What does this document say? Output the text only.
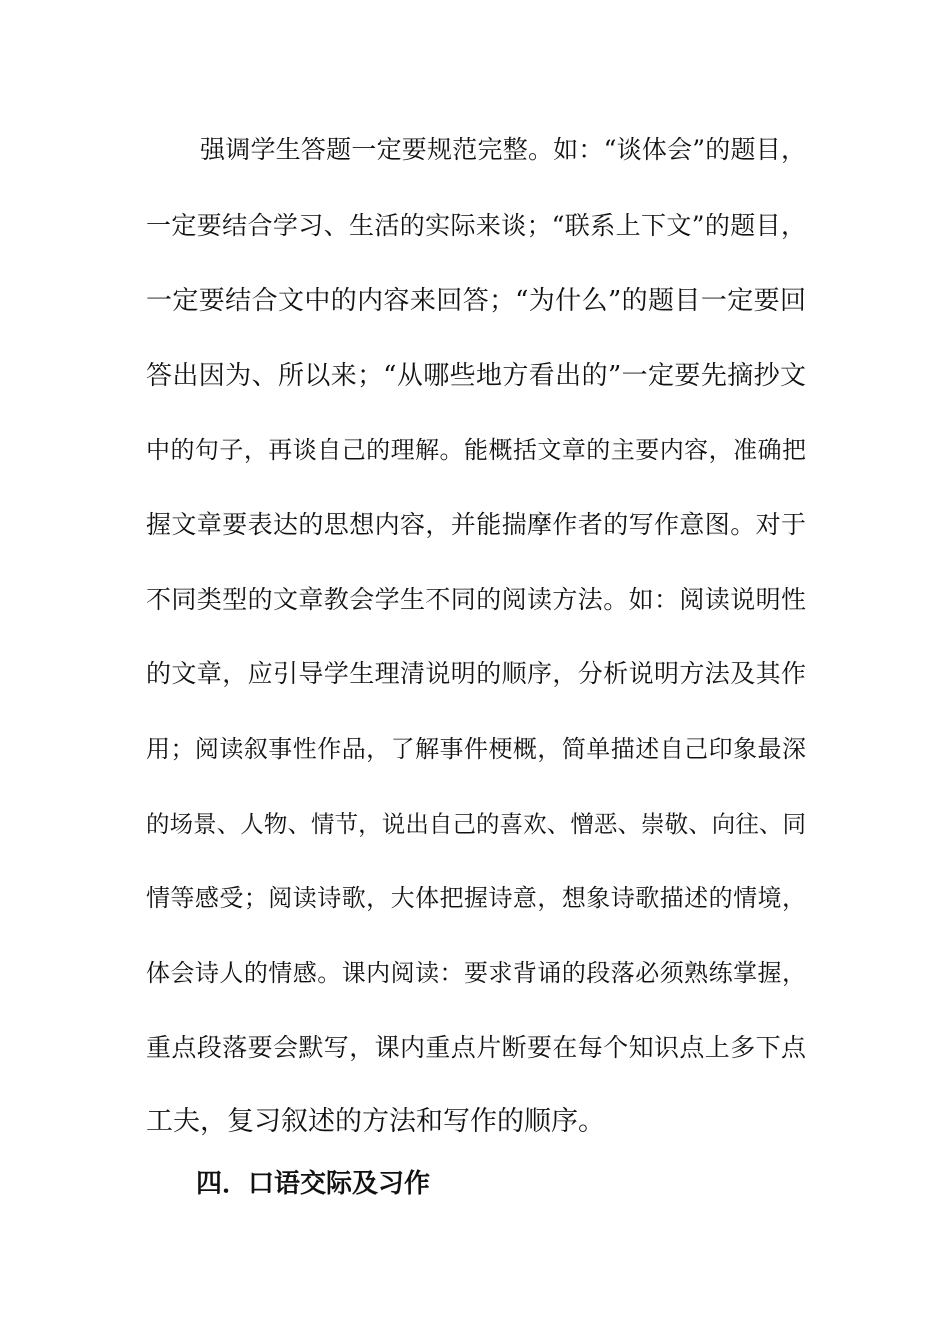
强调学生答题一定要规范完整。如：“谈体会”的题目，
一定要结合学习、生活的实际来谈；“联系上下文”的题目，
一定要结合文中的内容来回答；“为什么”的题目一定要回
答出因为、所以来；“从哪些地方看出的”一定要先摘抄文
中的句子，再谈自己的理解。能概括文章的主要内容，准确把
握文章要表达的思想内容，并能揣摩作者的写作意图。对于
不同类型的文章教会学生不同的阅读方法。如：阅读说明性
的文章，应引导学生理清说明的顺序，分析说明方法及其作
用；阅读叙事性作品，了解事件梗概，简单描述自己印象最深
的场景、人物、情节，说出自己的喜欢、憎恶、崇敬、向往、同
情等感受；阅读诗歌，大体把握诗意，想象诗歌描述的情境，
体会诗人的情感。课内阅读：要求背诵的段落必须熟练掌握，
重点段落要会默写，课内重点片断要在每个知识点上多下点
工夫，复习叙述的方法和写作的顺序。
四．口语交际及习作
